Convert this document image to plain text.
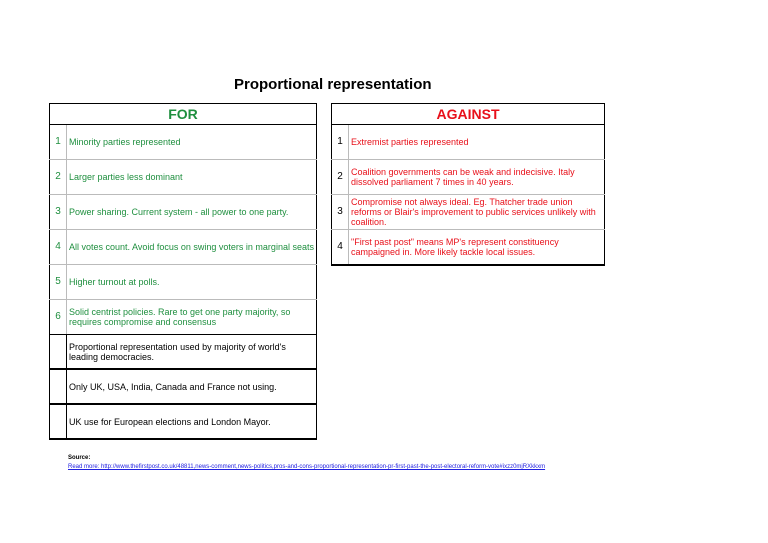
Proportional representation
FOR	
1	Minority parties represented
2	Larger parties less dominant
3	Power sharing. Current system - all power to one party.
4	All votes count. Avoid focus on swing voters in marginal seats
5	Higher turnout at polls.
6	Solid centrist policies. Rare to get one party majority, so requires compromise and consensus
	Proportional representation used by majority of world's leading democracies.
	Only UK, USA, India, Canada and France not using.
	UK use for European elections and London Mayor.
AGAINST	
1	Extremist parties represented
2	Coalition governments can be weak and indecisive. Italy dissolved parliament 7 times in 40 years.
3	Compromise not always ideal. Eg. Thatcher trade union reforms or Blair's improvement to public services unlikely with coalition.
4	"First past post" means MP's represent constituency campaigned in. More likely tackle local issues.
Source:
Read more: http://www.thefirstpost.co.uk/48811,news-comment,news-politics,pros-and-cons-proportional-representation-pr-first-past-the-post-electoral-reform-vote#ixzz0mjRXkkxm
